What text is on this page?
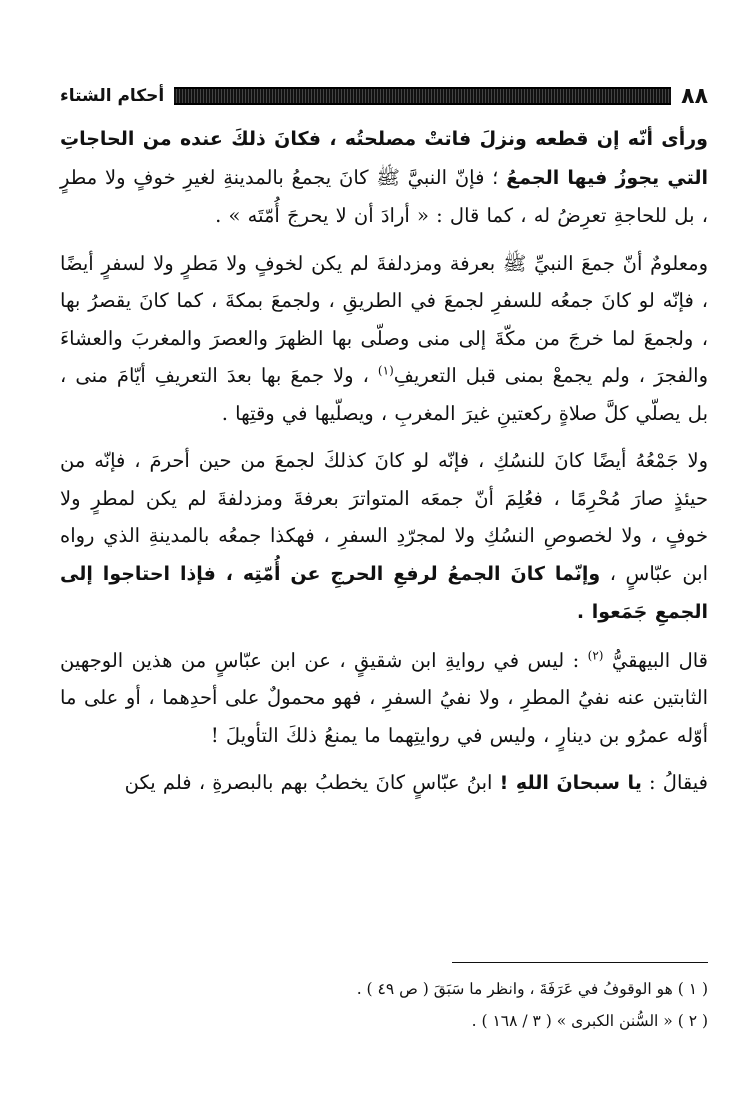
٨٨
أحكام الشتاء

ورأى أنّه إن قطعه ونزلَ فاتتْ مصلحتُه ، فكانَ ذلكَ عنده من الحاجاتِ التي يجوزُ فيها الجمعُ ؛ فإنّ النبيَّ ﷺ كانَ يجمعُ بالمدينةِ لغيرِ خوفٍ ولا مطرٍ ، بل للحاجةِ تعرِضُ له ، كما قال : « أرادَ أن لا يحرجَ أُمّتَه » .

ومعلومٌ أنّ جمعَ النبيِّ ﷺ بعرفة ومزدلفةَ لم يكن لخوفٍ ولا مَطرٍ ولا لسفرٍ أيضًا ، فإنّه لو كانَ جمعُه للسفرِ لجمعَ في الطريقِ ، ولجمعَ بمكةَ ، كما كانَ يقصرُ بها ، ولجمعَ لما خرجَ من مكّةَ إلى منى وصلّى بها الظهرَ والعصرَ والمغربَ والعشاءَ والفجرَ ، ولم يجمعْ بمنى قبل التعريفِ$^{(١)}$ ، ولا جمعَ بها بعدَ التعريفِ أيّامَ منى ، بل يصلّي كلَّ صلاةٍ ركعتينِ غيرَ المغربِ ، ويصلّيها في وقتِها .

ولا جَمْعُهُ أيضًا كانَ للنسُكِ ، فإنّه لو كانَ كذلكَ لجمعَ من حين أحرمَ ، فإنّه من حيئذٍ صارَ مُحْرِمًا ، فعُلِمَ أنّ جمعَه المتواترَ بعرفةَ ومزدلفةَ لم يكن لمطرٍ ولا خوفٍ ، ولا لخصوصِ النسُكِ ولا لمجرّدِ السفرِ ، فهكذا جمعُه بالمدينةِ الذي رواه ابن عبّاسٍ ، وإنّما كانَ الجمعُ لرفعِ الحرجِ عن أُمّتِه ، فإذا احتاجوا إلى الجمعِ جَمَعوا .

قال البيهقيُّ $^{(٢)}$ : ليس في روايةِ ابن شقيقٍ ، عن ابن عبّاسٍ من هذين الوجهين الثابتين عنه نفيُ المطرِ ، ولا نفيُ السفرِ ، فهو محمولٌ على أحدِهما ، أو على ما أوّله عمرُو بن دينارٍ ، وليس في روايتِهما ما يمنعُ ذلكَ التأويلَ !

فيقالُ : يا سبحانَ اللهِ ! ابنُ عبّاسٍ كانَ يخطبُ بهم بالبصرةِ ، فلم يكن

( ١ ) هو الوقوفُ في عَرَفَةَ ، وانظر ما سَبَقَ ( ص ٤٩ ) .

( ٢ ) « السُّنن الكبرى » ( ٣ / ١٦٨ ) .
